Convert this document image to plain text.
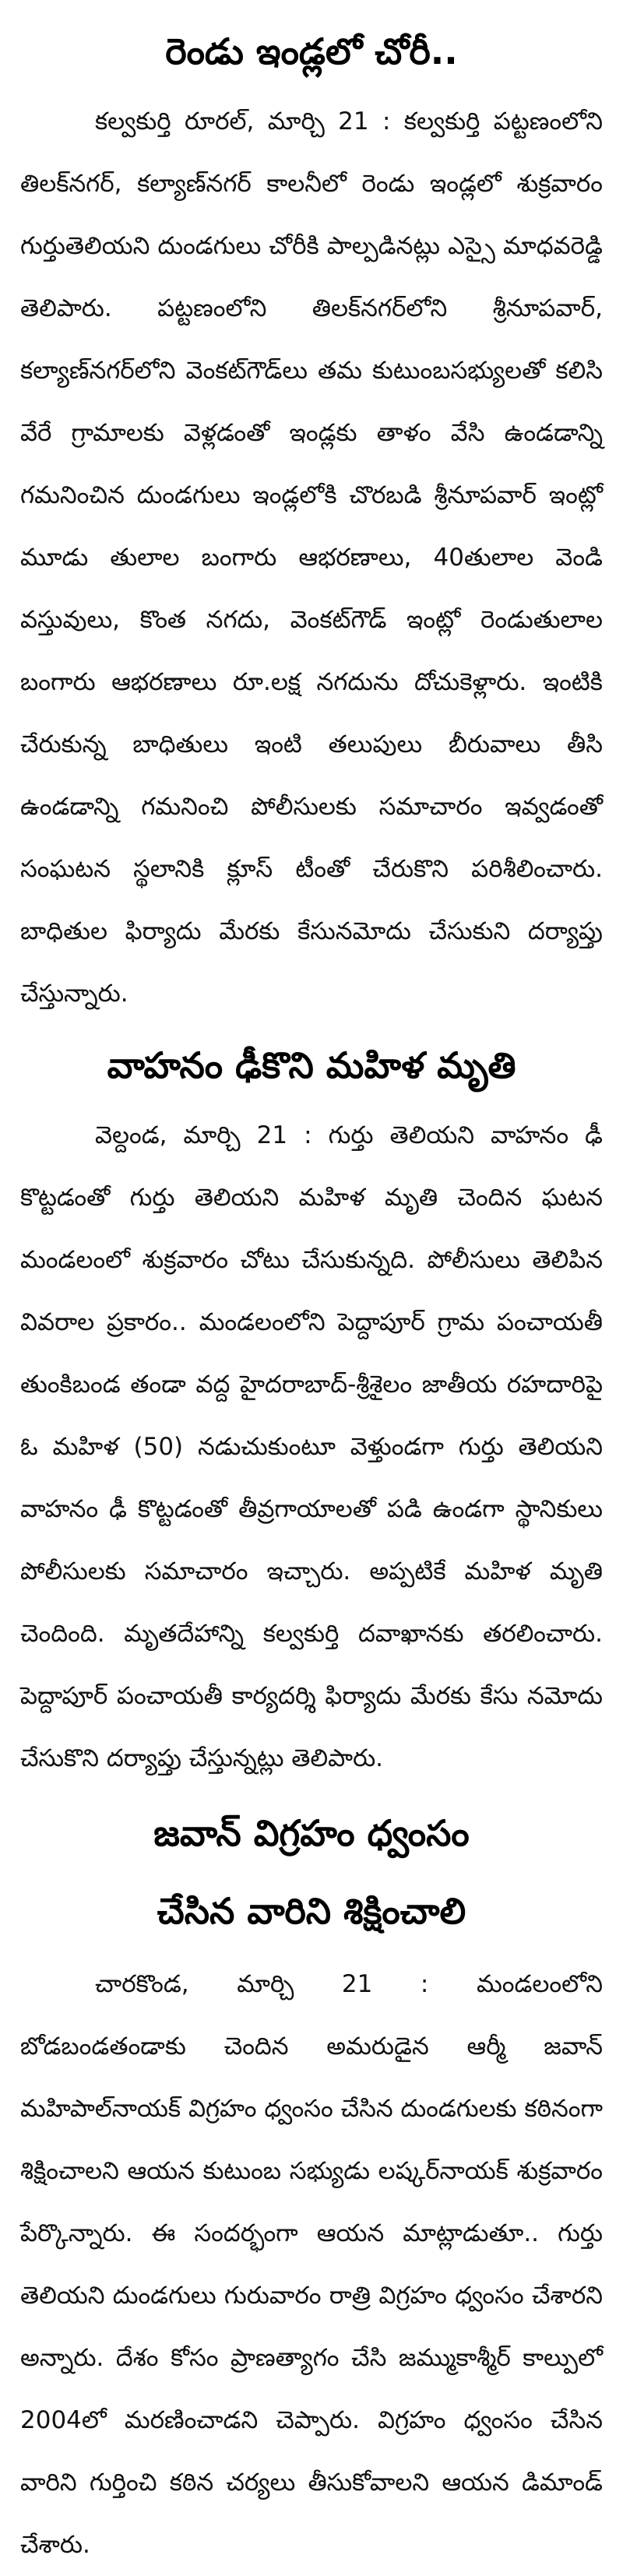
రెండు ఇండ్లలో చోరీ..

కల్వకుర్తి రూరల్‌, మార్చి 21 : కల్వకుర్తి పట్టణంలోని తిలక్‌నగర్‌, కల్యాణ్‌నగర్‌ కాలనీలో రెండు ఇండ్లలో శుక్రవారం గుర్తుతెలియని దుండగులు చోరీకి పాల్పడినట్లు ఎస్సై మాధవరెడ్డి తెలిపారు. పట్టణంలోని తిలక్‌నగర్‌లోని శ్రీనూపవార్‌, కల్యాణ్‌నగర్‌లోని వెంకట్‌గౌడ్‌లు తమ కుటుంబసభ్యులతో కలిసి వేరే గ్రామాలకు వెళ్లడంతో ఇండ్లకు తాళం వేసి ఉండడాన్ని గమనించిన దుండగులు ఇండ్లలోకి చొరబడి శ్రీనూపవార్‌ ఇంట్లో మూడు తులాల బంగారు ఆభరణాలు, 40తులాల వెండి వస్తువులు, కొంత నగదు, వెంకట్‌గౌడ్‌ ఇంట్లో రెండుతులాల బంగారు ఆభరణాలు రూ.లక్ష నగదును దోచుకెళ్లారు. ఇంటికి చేరుకున్న బాధితులు ఇంటి తలుపులు బీరువాలు తీసి ఉండడాన్ని గమనించి పోలీసులకు సమాచారం ఇవ్వడంతో సంఘటన స్థలానికి క్లూస్‌ టీంతో చేరుకొని పరిశీలించారు. బాధితుల ఫిర్యాదు మేరకు కేసునమోదు చేసుకుని దర్యాప్తు చేస్తున్నారు.

వాహనం ఢీకొని మహిళ మృతి

వెల్దండ, మార్చి 21 : గుర్తు తెలియని వాహనం ఢీ కొట్టడంతో గుర్తు తెలియని మహిళ మృతి చెందిన ఘటన మండలంలో శుక్రవారం చోటు చేసుకున్నది. పోలీసులు తెలిపిన వివరాల ప్రకారం.. మండలంలోని పెద్దాపూర్‌ గ్రామ పంచాయతీ తుంకిబండ తండా వద్ద హైదరాబాద్‌-శ్రీశైలం జాతీయ రహదారిపై ఓ మహిళ (50) నడుచుకుంటూ వెళ్తుండగా గుర్తు తెలియని వాహనం ఢీ కొట్టడంతో తీవ్రగాయాలతో పడి ఉండగా స్థానికులు పోలీసులకు సమాచారం ఇచ్చారు. అప్పటికే మహిళ మృతి చెందింది. మృతదేహాన్ని కల్వకుర్తి దవాఖానకు తరలించారు. పెద్దాపూర్‌ పంచాయతీ కార్యదర్శి ఫిర్యాదు మేరకు కేసు నమోదు చేసుకొని దర్యాప్తు చేస్తున్నట్లు తెలిపారు.

జవాన్‌ విగ్రహం ధ్వంసం
చేసిన వారిని శిక్షించాలి

చారకొండ, మార్చి 21 : మండలంలోని బోడబండతండాకు చెందిన అమరుడైన ఆర్మీ జవాన్‌ మహిపాల్‌నాయక్‌ విగ్రహం ధ్వంసం చేసిన దుండగులకు కఠినంగా శిక్షించాలని ఆయన కుటుంబ సభ్యుడు లష్కర్‌నాయక్‌ శుక్రవారం పేర్కొన్నారు. ఈ సందర్భంగా ఆయన మాట్లాడుతూ.. గుర్తు తెలియని దుండగులు గురువారం రాత్రి విగ్రహం ధ్వంసం చేశారని అన్నారు. దేశం కోసం ప్రాణత్యాగం చేసి జమ్ముకాశ్మీర్‌ కాల్పులో 2004లో మరణించాడని చెప్పారు. విగ్రహం ధ్వంసం చేసిన వారిని గుర్తించి కఠిన చర్యలు తీసుకోవాలని ఆయన డిమాండ్‌ చేశారు.
